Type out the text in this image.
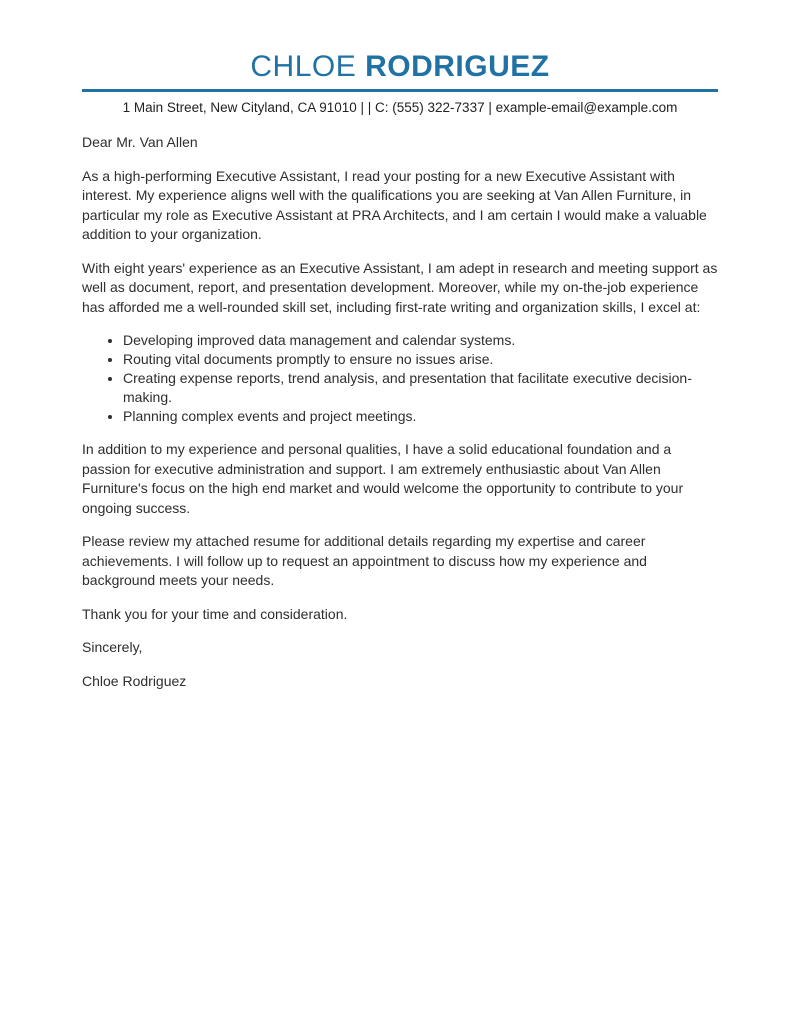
CHLOE RODRIGUEZ
1 Main Street, New Cityland, CA 91010 | | C: (555) 322-7337 | example-email@example.com

Dear Mr. Van Allen

As a high-performing Executive Assistant, I read your posting for a new Executive Assistant with interest. My experience aligns well with the qualifications you are seeking at Van Allen Furniture, in particular my role as Executive Assistant at PRA Architects, and I am certain I would make a valuable addition to your organization.

With eight years' experience as an Executive Assistant, I am adept in research and meeting support as well as document, report, and presentation development. Moreover, while my on-the-job experience has afforded me a well-rounded skill set, including first-rate writing and organization skills, I excel at:

• Developing improved data management and calendar systems.
• Routing vital documents promptly to ensure no issues arise.
• Creating expense reports, trend analysis, and presentation that facilitate executive decision-making.
• Planning complex events and project meetings.

In addition to my experience and personal qualities, I have a solid educational foundation and a passion for executive administration and support. I am extremely enthusiastic about Van Allen Furniture's focus on the high end market and would welcome the opportunity to contribute to your ongoing success.

Please review my attached resume for additional details regarding my expertise and career achievements. I will follow up to request an appointment to discuss how my experience and background meets your needs.

Thank you for your time and consideration.

Sincerely,

Chloe Rodriguez
